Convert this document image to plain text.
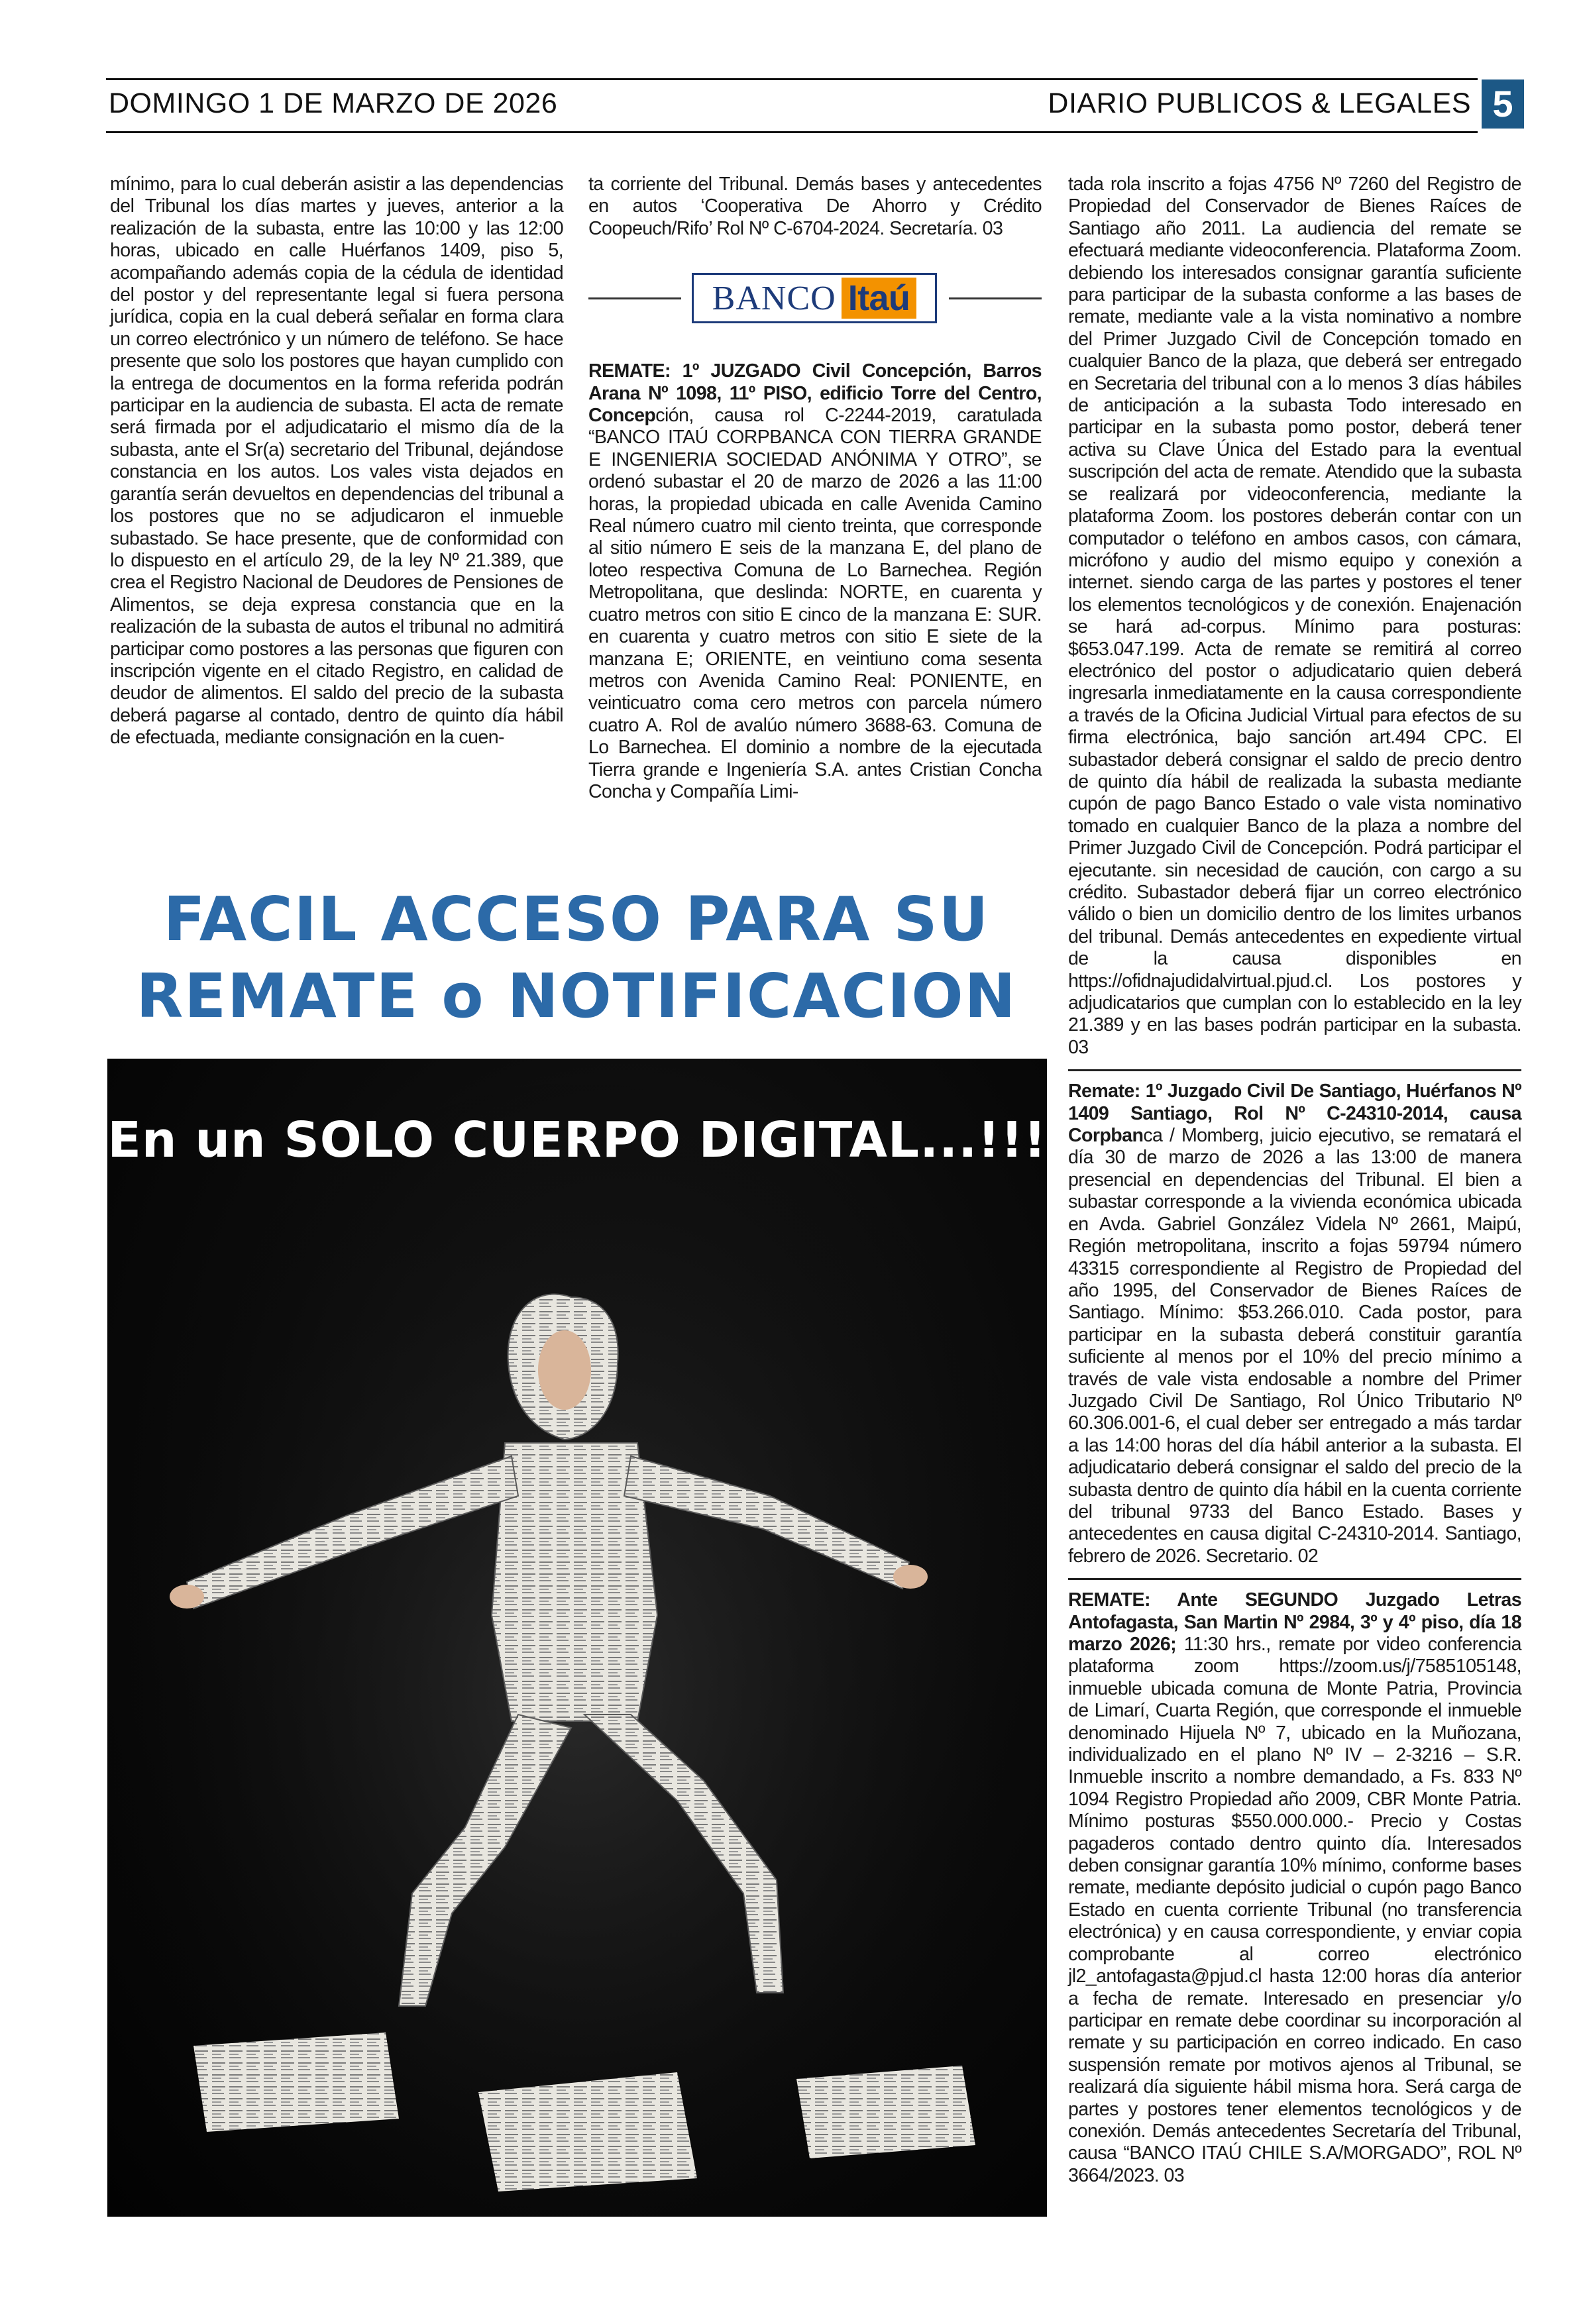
DOMINGO 1 DE MARZO DE 2026	DIARIO PUBLICOS & LEGALES 5

mínimo, para lo cual deberán asistir a las dependencias del Tribunal los días martes y jueves, anterior a la realización de la subasta, entre las 10:00 y las 12:00 horas, ubicado en calle Huérfanos 1409, piso 5, acompañando además copia de la cédula de identidad del postor y del representante legal si fuera persona jurídica, copia en la cual deberá señalar en forma clara un correo electrónico y un número de teléfono. Se hace presente que solo los postores que hayan cumplido con la entrega de documentos en la forma referida podrán participar en la audiencia de subasta. El acta de remate será firmada por el adjudicatario el mismo día de la subasta, ante el Sr(a) secretario del Tribunal, dejándose constancia en los autos. Los vales vista dejados en garantía serán devueltos en dependencias del tribunal a los postores que no se adjudicaron el inmueble subastado. Se hace presente, que de conformidad con lo dispuesto en el artículo 29, de la ley Nº 21.389, que crea el Registro Nacional de Deudores de Pensiones de Alimentos, se deja expresa constancia que en la realización de la subasta de autos el tribunal no admitirá participar como postores a las personas que figuren con inscripción vigente en el citado Registro, en calidad de deudor de alimentos. El saldo del precio de la subasta deberá pagarse al contado, dentro de quinto día hábil de efectuada, mediante consignación en la cuen-

ta corriente del Tribunal. Demás bases y antecedentes en autos ‘Cooperativa De Ahorro y Crédito Coopeuch/Rifo’ Rol Nº C-6704-2024. Secretaría. 03

BANCO Itaú

REMATE: 1º JUZGADO Civil Concepción, Barros Arana Nº 1098, 11º PISO, edificio Torre del Centro, Concepción, causa rol C-2244-2019, caratulada “BANCO ITAÚ CORPBANCA CON TIERRA GRANDE E INGENIERIA SOCIEDAD ANÓNIMA Y OTRO”, se ordenó subastar el 20 de marzo de 2026 a las 11:00 horas, la propiedad ubicada en calle Avenida Camino Real número cuatro mil ciento treinta, que corresponde al sitio número E seis de la manzana E, del plano de loteo respectiva Comuna de Lo Barnechea. Región Metropolitana, que deslinda: NORTE, en cuarenta y cuatro metros con sitio E cinco de la manzana E: SUR. en cuarenta y cuatro metros con sitio E siete de la manzana E; ORIENTE, en veintiuno coma sesenta metros con Avenida Camino Real: PONIENTE, en veinticuatro coma cero metros con parcela número cuatro A. Rol de avalúo número 3688-63. Comuna de Lo Barnechea. El dominio a nombre de la ejecutada Tierra grande e Ingeniería S.A. antes Cristian Concha Concha y Compañía Limi-

tada rola inscrito a fojas 4756 Nº 7260 del Registro de Propiedad del Conservador de Bienes Raíces de Santiago año 2011. La audiencia del remate se efectuará mediante videoconferencia. Plataforma Zoom. debiendo los interesados consignar garantía suficiente para participar de la subasta conforme a las bases de remate, mediante vale a la vista nominativo a nombre del Primer Juzgado Civil de Concepción tomado en cualquier Banco de la plaza, que deberá ser entregado en Secretaria del tribunal con a lo menos 3 días hábiles de anticipación a la subasta Todo interesado en participar en la subasta pomo postor, deberá tener activa su Clave Única del Estado para la eventual suscripción del acta de remate. Atendido que la subasta se realizará por videoconferencia, mediante la plataforma Zoom. los postores deberán contar con un computador o teléfono en ambos casos, con cámara, micrófono y audio del mismo equipo y conexión a internet. siendo carga de las partes y postores el tener los elementos tecnológicos y de conexión. Enajenación se hará ad-corpus. Mínimo para posturas: $653.047.199. Acta de remate se remitirá al correo electrónico del postor o adjudicatario quien deberá ingresarla inmediatamente en la causa correspondiente a través de la Oficina Judicial Virtual para efectos de su firma electrónica, bajo sanción art.494 CPC. El subastador deberá consignar el saldo de precio dentro de quinto día hábil de realizada la subasta mediante cupón de pago Banco Estado o vale vista nominativo tomado en cualquier Banco de la plaza a nombre del Primer Juzgado Civil de Concepción. Podrá participar el ejecutante. sin necesidad de caución, con cargo a su crédito. Subastador deberá fijar un correo electrónico válido o bien un domicilio dentro de los limites urbanos del tribunal. Demás antecedentes en expediente virtual de la causa disponibles en https://ofidnajudidalvirtual.pjud.cl. Los postores y adjudicatarios que cumplan con lo establecido en la ley 21.389 y en las bases podrán participar en la subasta. 03

Remate: 1º Juzgado Civil De Santiago, Huérfanos Nº 1409 Santiago, Rol Nº C-24310-2014, causa Corpbanca / Momberg, juicio ejecutivo, se rematará el día 30 de marzo de 2026 a las 13:00 de manera presencial en dependencias del Tribunal. El bien a subastar corresponde a la vivienda económica ubicada en Avda. Gabriel González Videla Nº 2661, Maipú, Región metropolitana, inscrito a fojas 59794 número 43315 correspondiente al Registro de Propiedad del año 1995, del Conservador de Bienes Raíces de Santiago. Mínimo: $53.266.010. Cada postor, para participar en la subasta deberá constituir garantía suficiente al menos por el 10% del precio mínimo a través de vale vista endosable a nombre del Primer Juzgado Civil De Santiago, Rol Único Tributario Nº 60.306.001-6, el cual deber ser entregado a más tardar a las 14:00 horas del día hábil anterior a la subasta. El adjudicatario deberá consignar el saldo del precio de la subasta dentro de quinto día hábil en la cuenta corriente del tribunal 9733 del Banco Estado. Bases y antecedentes en causa digital C-24310-2014. Santiago, febrero de 2026. Secretario. 02

REMATE: Ante SEGUNDO Juzgado Letras Antofagasta, San Martin Nº 2984, 3º y 4º piso, día 18 marzo 2026; 11:30 hrs., remate por video conferencia plataforma zoom https://zoom.us/j/7585105148, inmueble ubicada comuna de Monte Patria, Provincia de Limarí, Cuarta Región, que corresponde el inmueble denominado Hijuela Nº 7, ubicado en la Muñozana, individualizado en el plano Nº IV – 2-3216 – S.R. Inmueble inscrito a nombre demandado, a Fs. 833 Nº 1094 Registro Propiedad año 2009, CBR Monte Patria. Mínimo posturas $550.000.000.- Precio y Costas pagaderos contado dentro quinto día. Interesados deben consignar garantía 10% mínimo, conforme bases remate, mediante depósito judicial o cupón pago Banco Estado en cuenta corriente Tribunal (no transferencia electrónica) y en causa correspondiente, y enviar copia comprobante al correo electrónico jl2_antofagasta@pjud.cl hasta 12:00 horas día anterior a fecha de remate. Interesado en presenciar y/o participar en remate debe coordinar su incorporación al remate y su participación en correo indicado. En caso suspensión remate por motivos ajenos al Tribunal, se realizará día siguiente hábil misma hora. Será carga de partes y postores tener elementos tecnológicos y de conexión. Demás antecedentes Secretaría del Tribunal, causa “BANCO ITAÚ CHILE S.A/MORGADO”, ROL Nº 3664/2023. 03

FACIL ACCESO PARA SU
REMATE o NOTIFICACION
En un SOLO CUERPO DIGITAL...!!!
